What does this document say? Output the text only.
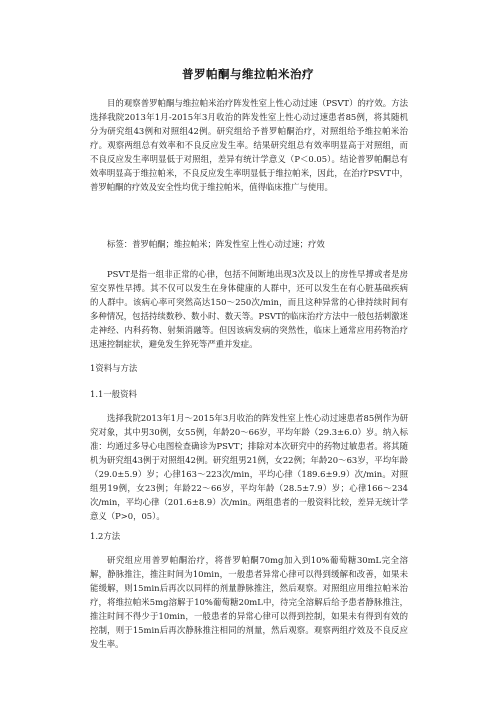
普罗帕酮与维拉帕米治疗

目的观察普罗帕酮与维拉帕米治疗阵发性室上性心动过速（PSVT）的疗效。方法选择我院2013年1月-2015年3月收治的阵发性室上性心动过速患者85例，将其随机分为研究组43例和对照组42例。研究组给予普罗帕酮治疗，对照组给予维拉帕米治疗。观察两组总有效率和不良反应发生率。结果研究组总有效率明显高于对照组，而不良反应发生率明显低于对照组，差异有统计学意义（P＜0.05）。结论普罗帕酮总有效率明显高于维拉帕米，不良反应发生率明显低于维拉帕米，因此，在治疗PSVT中，普罗帕酮的疗效及安全性均优于维拉帕米，值得临床推广与使用。

标签：普罗帕酮；维拉帕米；阵发性室上性心动过速；疗效

PSVT是指一组非正常的心律，包括不间断地出现3次及以上的房性早搏或者是房室交界性早搏。其不仅可以发生在身体健康的人群中，还可以发生在有心脏基础疾病的人群中。该病心率可突然高达150～250次/min，而且这种异常的心律持续时间有多种情况，包括持续数秒、数小时、数天等。PSVT的临床治疗方法中一般包括刺激迷走神经、内科药物、射频消融等。但因该病发病的突然性，临床上通常应用药物治疗迅速控制症状，避免发生猝死等严重并发症。

1资料与方法

1.1一般资料

选择我院2013年1月～2015年3月收治的阵发性室上性心动过速患者85例作为研究对象，其中男30例，女55例，年龄20～66岁，平均年龄（29.3±6.0）岁。纳入标准：均通过多导心电图检查确诊为PSVT；排除对本次研究中的药物过敏患者。将其随机为研究组43例于对照组42例。研究组男21例，女22例；年龄20～63岁，平均年龄（29.0±5.9）岁；心律163～223次/min，平均心律（189.6±9.9）次/min。对照组男19例，女23例；年龄22～66岁，平均年龄（28.5±7.9）岁；心律166～234次/min，平均心律（201.6±8.9）次/min。两组患者的一般资料比较，差异无统计学意义（P>0，05）。

1.2方法

研究组应用普罗帕酮治疗，将普罗帕酮70mg加入到10%葡萄糖30mL完全溶解，静脉推注，推注时间为10min，一般患者异常心律可以得到缓解和改善，如果未能缓解，则15min后再次以同样的剂量静脉推注，然后观察。对照组应用维拉帕米治疗，将维拉帕米5mg溶解于10%葡萄糖20mL中，待完全溶解后给予患者静脉推注，推注时间不得少于10min，一般患者的异常心律可以得到控制，如果未有得到有效的控制，则于15min后再次静脉推注相同的剂量，然后观察。观察两组疗效及不良反应发生率。
